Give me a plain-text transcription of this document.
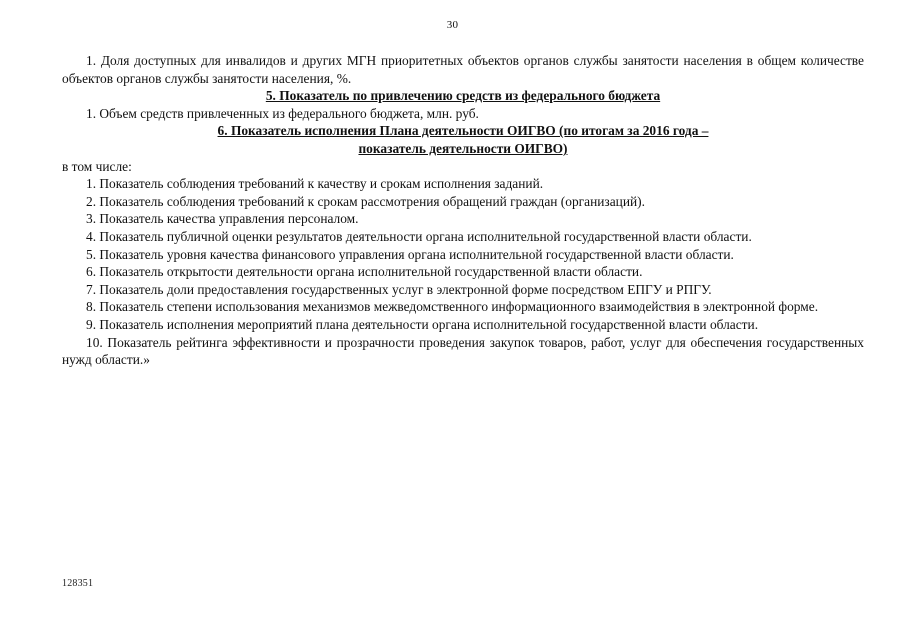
30

1. Доля доступных для инвалидов и других МГН приоритетных объектов органов службы занятости населения в общем количестве объектов органов службы занятости населения, %.

5. Показатель по привлечению средств из федерального бюджета

1. Объем средств привлеченных из федерального бюджета, млн. руб.

6. Показатель исполнения Плана деятельности ОИГВО (по итогам за 2016 года –

показатель деятельности ОИГВО)

в том числе:

1. Показатель соблюдения требований к качеству и срокам исполнения заданий.

2. Показатель соблюдения требований к срокам рассмотрения обращений граждан (организаций).

3. Показатель качества управления персоналом.

4. Показатель публичной оценки результатов деятельности органа исполнительной государственной власти области.

5. Показатель уровня качества финансового управления органа исполнительной государственной власти области.

6. Показатель открытости деятельности органа исполнительной государственной власти области.

7. Показатель доли предоставления государственных услуг в электронной форме посредством ЕПГУ и РПГУ.

8. Показатель степени использования механизмов межведомственного информационного взаимодействия в электронной форме.

9. Показатель исполнения мероприятий плана деятельности органа исполнительной государственной власти области.

10. Показатель рейтинга эффективности и прозрачности проведения закупок товаров, работ, услуг для обеспечения государственных нужд области.»

128351
